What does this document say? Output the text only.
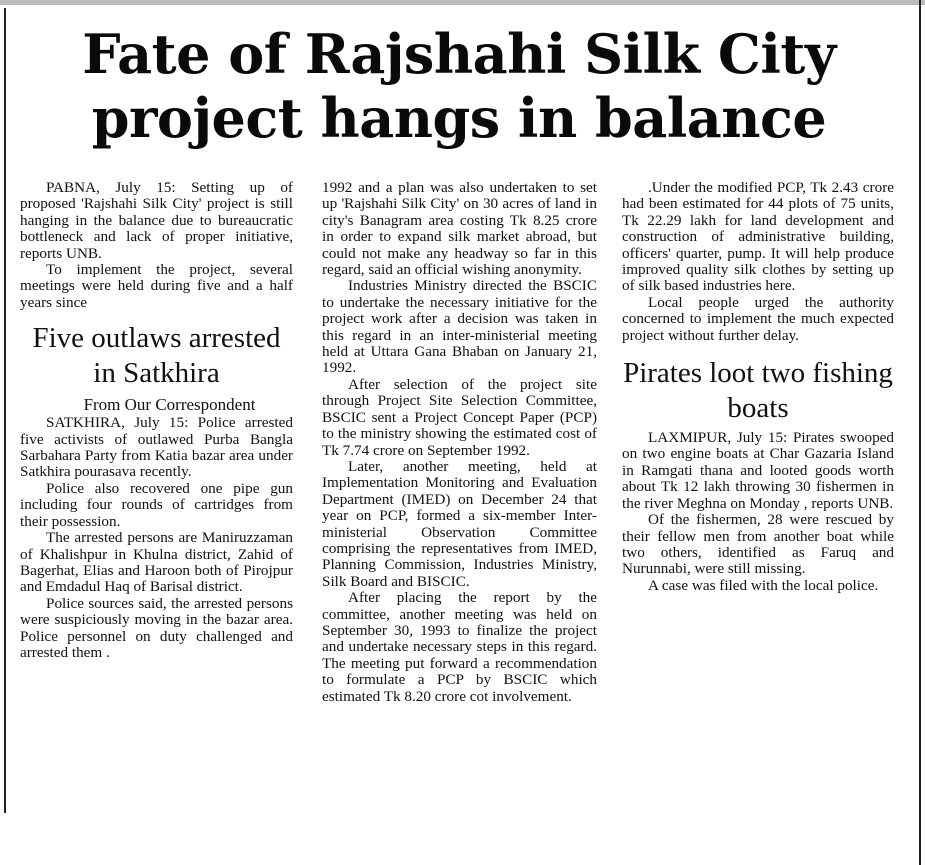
Fate of Rajshahi Silk City project hangs in balance

PABNA, July 15: Setting up of proposed 'Rajshahi Silk City' project is still hanging in the balance due to bureaucratic bottleneck and lack of proper initiative, reports UNB.

To implement the project, several meetings were held during five and a half years since

Five outlaws arrested in Satkhira

From Our Correspondent

SATKHIRA, July 15: Police arrested five activists of outlawed Purba Bangla Sarbahara Party from Katia bazar area under Satkhira pourasava recently.

Police also recovered one pipe gun including four rounds of cartridges from their possession.

The arrested persons are Maniruzzaman of Khalishpur in Khulna district, Zahid of Bagerhat, Elias and Haroon both of Pirojpur and Emdadul Haq of Barisal district.

Police sources said, the arrested persons were suspiciously moving in the bazar area. Police personnel on duty challenged and arrested them .

1992 and a plan was also undertaken to set up 'Rajshahi Silk City' on 30 acres of land in city's Banagram area costing Tk 8.25 crore in order to expand silk market abroad, but could not make any headway so far in this regard, said an official wishing anonymity.

Industries Ministry directed the BSCIC to undertake the necessary initiative for the project work after a decision was taken in this regard in an inter-ministerial meeting held at Uttara Gana Bhaban on January 21, 1992.

After selection of the project site through Project Site Selection Committee, BSCIC sent a Project Concept Paper (PCP) to the ministry showing the estimated cost of Tk 7.74 crore on September 1992.

Later, another meeting, held at Implementation Monitoring and Evaluation Department (IMED) on December 24 that year on PCP, formed a six-member Inter-ministerial Observation Committee comprising the representatives from IMED, Planning Commission, Industries Ministry, Silk Board and BISCIC.

After placing the report by the committee, another meeting was held on September 30, 1993 to finalize the project and undertake necessary steps in this regard. The meeting put forward a recommendation to formulate a PCP by BSCIC which estimated Tk 8.20 crore cot involvement.

.Under the modified PCP, Tk 2.43 crore had been estimated for 44 plots of 75 units, Tk 22.29 lakh for land development and construction of administrative building, officers' quarter, pump. It will help produce improved quality silk clothes by setting up of silk based industries here.

Local people urged the authority concerned to implement the much expected project without further delay.

Pirates loot two fishing boats

LAXMIPUR, July 15: Pirates swooped on two engine boats at Char Gazaria Island in Ramgati thana and looted goods worth about Tk 12 lakh throwing 30 fishermen in the river Meghna on Monday , reports UNB.

Of the fishermen, 28 were rescued by their fellow men from another boat while two others, identified as Faruq and Nurunnabi, were still missing.

A case was filed with the local police.
